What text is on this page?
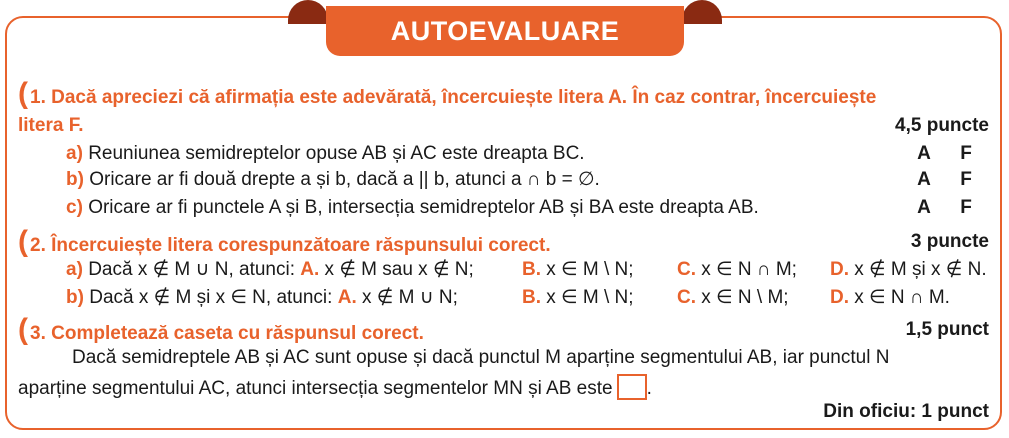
AUTOEVALUARE
( 1. Dacă apreciezi că afirmația este adevărată, încercuiește litera A. În caz contrar, încercuiește
litera F.	4,5 puncte
a) Reuniunea semidreptelor opuse AB și AC este dreapta BC.	A F
b) Oricare ar fi două drepte a și b, dacă a || b, atunci a ∩ b = ∅.	A F
c) Oricare ar fi punctele A și B, intersecția semidreptelor AB și BA este dreapta AB.	A F
( 2. Încercuiește litera corespunzătoare răspunsului corect.	3 puncte
a) Dacă x ∉ M ∪ N, atunci: A. x ∉ M sau x ∉ N;	B. x ∈ M \ N; C. x ∈ N ∩ M; D. x ∉ M și x ∉ N.
b) Dacă x ∉ M și x ∈ N, atunci: A. x ∉ M ∪ N;	B. x ∈ M \ N; C. x ∈ N \ M; D. x ∈ N ∩ M.
( 3. Completează caseta cu răspunsul corect.	1,5 punct
Dacă semidreptele AB și AC sunt opuse și dacă punctul M aparține segmentului AB, iar punctul N
aparține segmentului AC, atunci intersecția segmentelor MN și AB este .
Din oficiu: 1 punct
